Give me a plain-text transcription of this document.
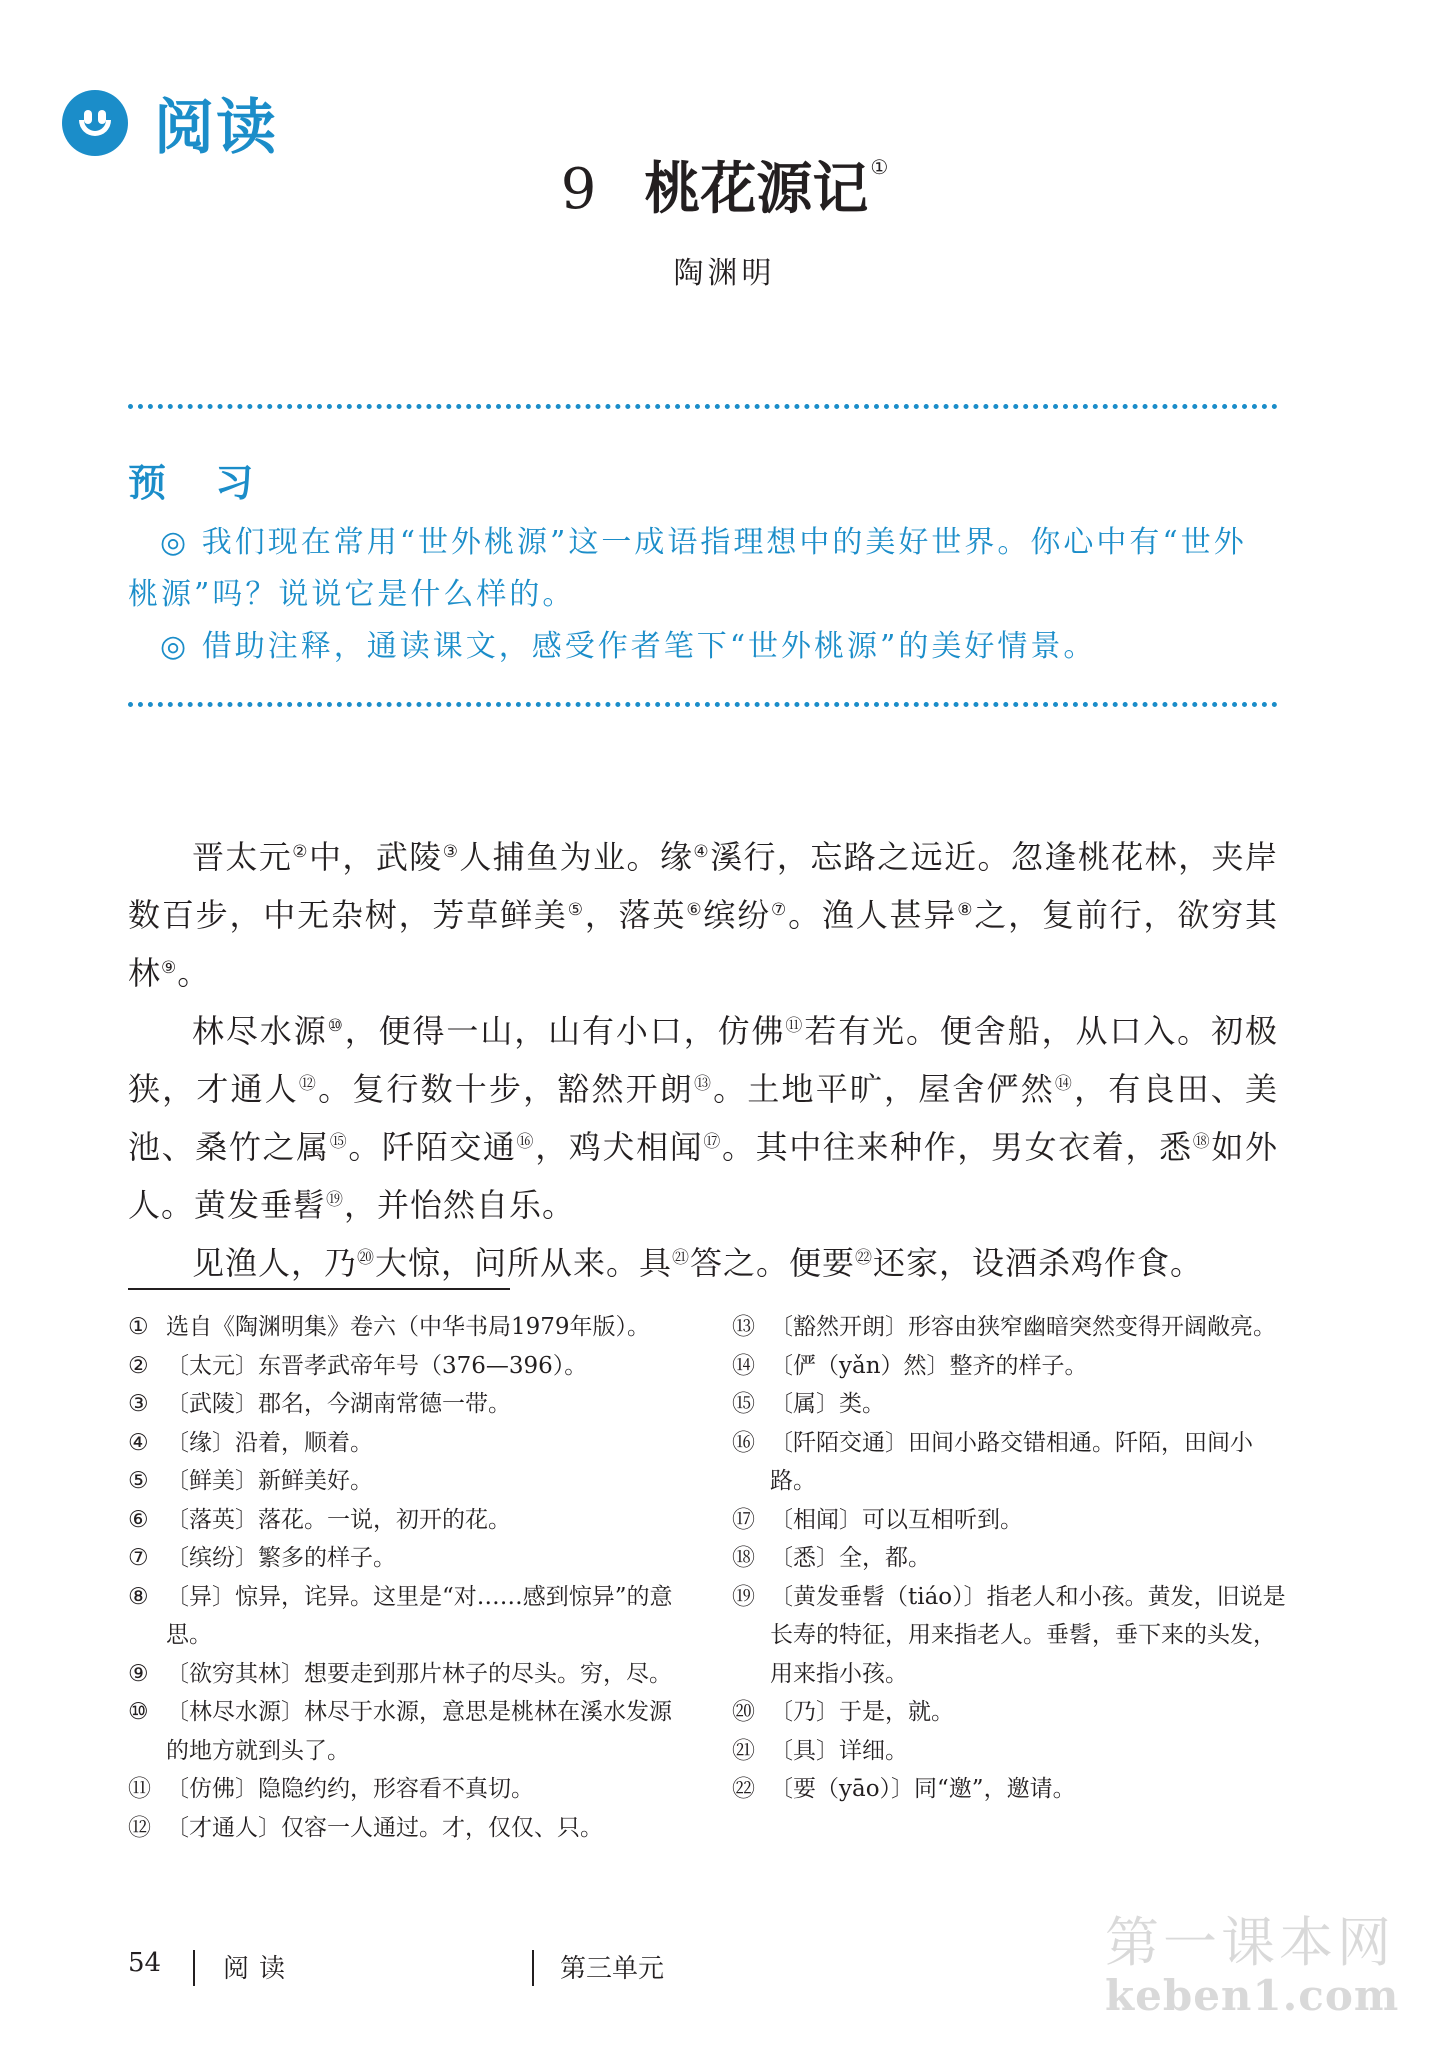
阅读
9 桃花源记 ①
陶渊明
预 习

◎ 我们现在常用“世外桃源”这一成语指理想中的美好世界。你心中有“世外桃源”吗？说说它是什么样的。

◎ 借助注释，通读课文，感受作者笔下“世外桃源”的美好情景。

晋太元②中，武陵③人捕鱼为业。缘④溪行，忘路之远近。忽逢桃花林，夹岸数百步，中无杂树，芳草鲜美⑤，落英⑥缤纷⑦。渔人甚异⑧之，复前行，欲穷其林⑨。

林尽水源⑩，便得一山，山有小口，仿佛⑪若有光。便舍船，从口入。初极狭，才通人⑫。复行数十步，豁然开朗⑬。土地平旷，屋舍俨然⑭，有良田、美池、桑竹之属⑮。阡陌交通⑯，鸡犬相闻⑰。其中往来种作，男女衣着，悉⑱如外人。黄发垂髫⑲，并怡然自乐。

见渔人，乃⑳大惊，问所从来。具$^㉑$答之。便要$^㉒$还家，设酒杀鸡作食。

① 选自《陶渊明集》卷六（中华书局1979年版）。
② 〔太元〕东晋孝武帝年号（376—396）。
③ 〔武陵〕郡名，今湖南常德一带。
④ 〔缘〕沿着，顺着。
⑤ 〔鲜美〕新鲜美好。
⑥ 〔落英〕落花。一说，初开的花。
⑦ 〔缤纷〕繁多的样子。
⑧ 〔异〕惊异，诧异。这里是“对……感到惊异”的意思。
⑨ 〔欲穷其林〕想要走到那片林子的尽头。穷，尽。
⑩ 〔林尽水源〕林尽于水源，意思是桃林在溪水发源的地方就到头了。
⑪ 〔仿佛〕隐隐约约，形容看不真切。
⑫ 〔才通人〕仅容一人通过。才，仅仅、只。
⑬ 〔豁然开朗〕形容由狭窄幽暗突然变得开阔敞亮。
⑭ 〔俨（yǎn）然〕整齐的样子。
⑮ 〔属〕类。
⑯ 〔阡陌交通〕田间小路交错相通。阡陌，田间小路。
⑰ 〔相闻〕可以互相听到。
⑱ 〔悉〕全，都。
⑲ 〔黄发垂髫（tiáo）〕指老人和小孩。黄发，旧说是长寿的特征，用来指老人。垂髫，垂下来的头发，用来指小孩。
⑳ 〔乃〕于是，就。
㉑ 〔具〕详细。
㉒ 〔要（yāo）〕同“邀”，邀请。
54 阅读	第三单元	第一课本网
keben1.com
